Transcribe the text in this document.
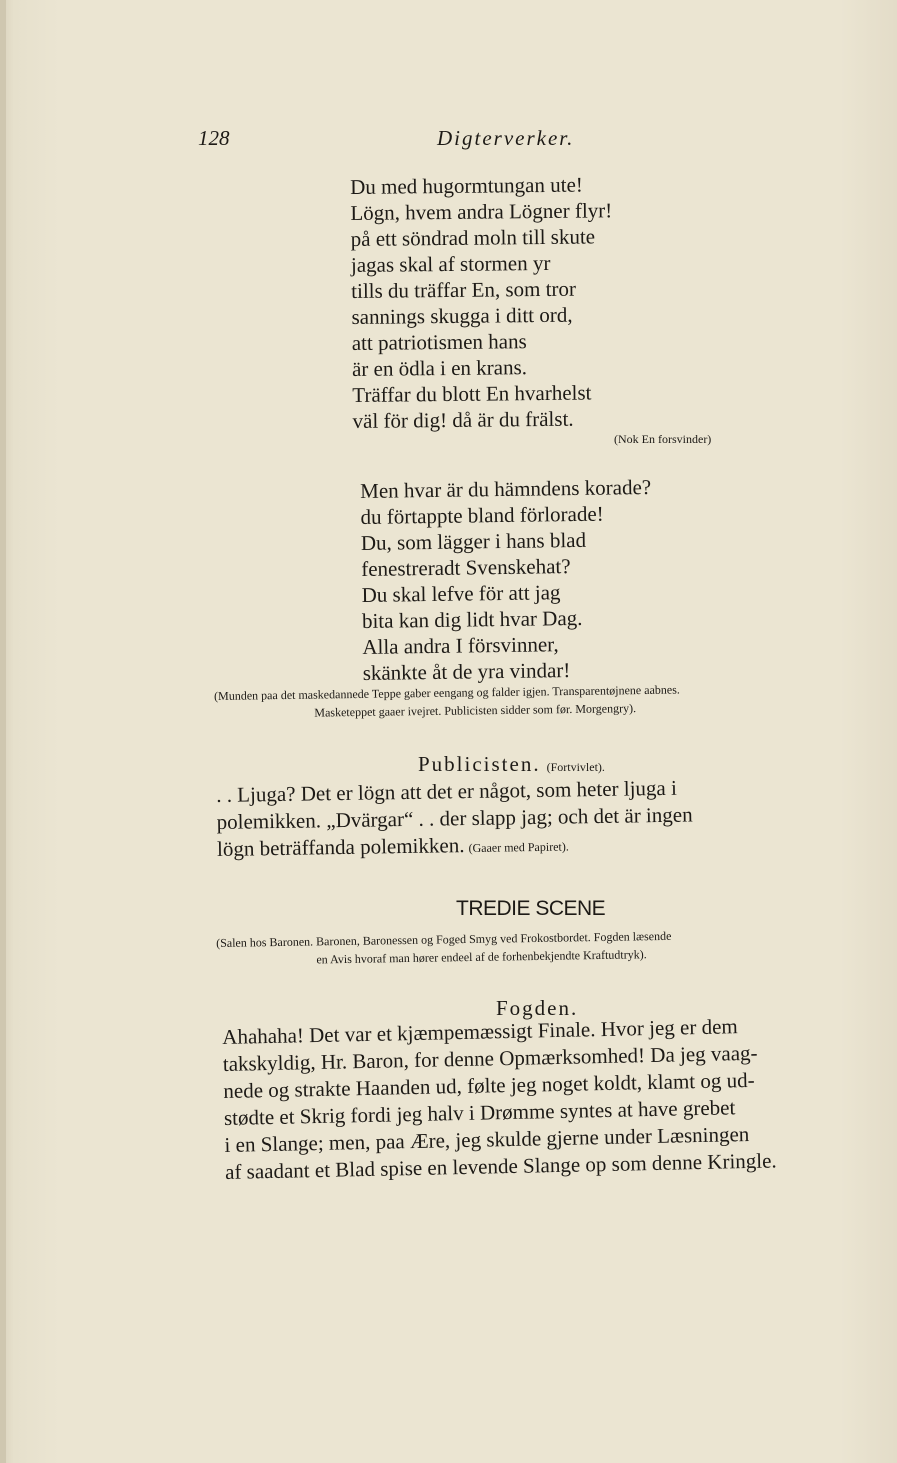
128	Digterverker.
Du med hugormtungan ute!
Lögn, hvem andra Lögner flyr!
på ett söndrad moln till skute
jagas skal af stormen yr
tills du träffar En, som tror
sannings skugga i ditt ord,
att patriotismen hans
är en ödla i en krans.
Träffar du blott En hvarhelst
väl för dig! då är du frälst.
(Nok En forsvinder)
Men hvar är du hämndens korade?
du förtappte bland förlorade!
Du, som lägger i hans blad
fenestreradt Svenskehat?
Du skal lefve för att jag
bita kan dig lidt hvar Dag.
Alla andra I försvinner,
skänkte åt de yra vindar!
(Munden paa det maskedannede Teppe gaber eengang og falder igjen. Transparentøjnene aabnes.
Masketeppet gaaer ivejret. Publicisten sidder som før. Morgengry).
Publicisten. (Fortvivlet).
. . Ljuga? Det er lögn att det er något, som heter ljuga i
polemikken. „Dvärgar“ . . der slapp jag; och det är ingen
lögn beträffanda polemikken. (Gaaer med Papiret).
TREDIE SCENE
(Salen hos Baronen. Baronen, Baronessen og Foged Smyg ved Frokostbordet. Fogden læsende
en Avis hvoraf man hører endeel af de forhenbekjendte Kraftudtryk).
Fogden.
Ahahaha! Det var et kjæmpemæssigt Finale. Hvor jeg er dem
takskyldig, Hr. Baron, for denne Opmærksomhed! Da jeg vaag-
nede og strakte Haanden ud, følte jeg noget koldt, klamt og ud-
stødte et Skrig fordi jeg halv i Drømme syntes at have grebet
i en Slange; men, paa Ære, jeg skulde gjerne under Læsningen
af saadant et Blad spise en levende Slange op som denne Kringle.
